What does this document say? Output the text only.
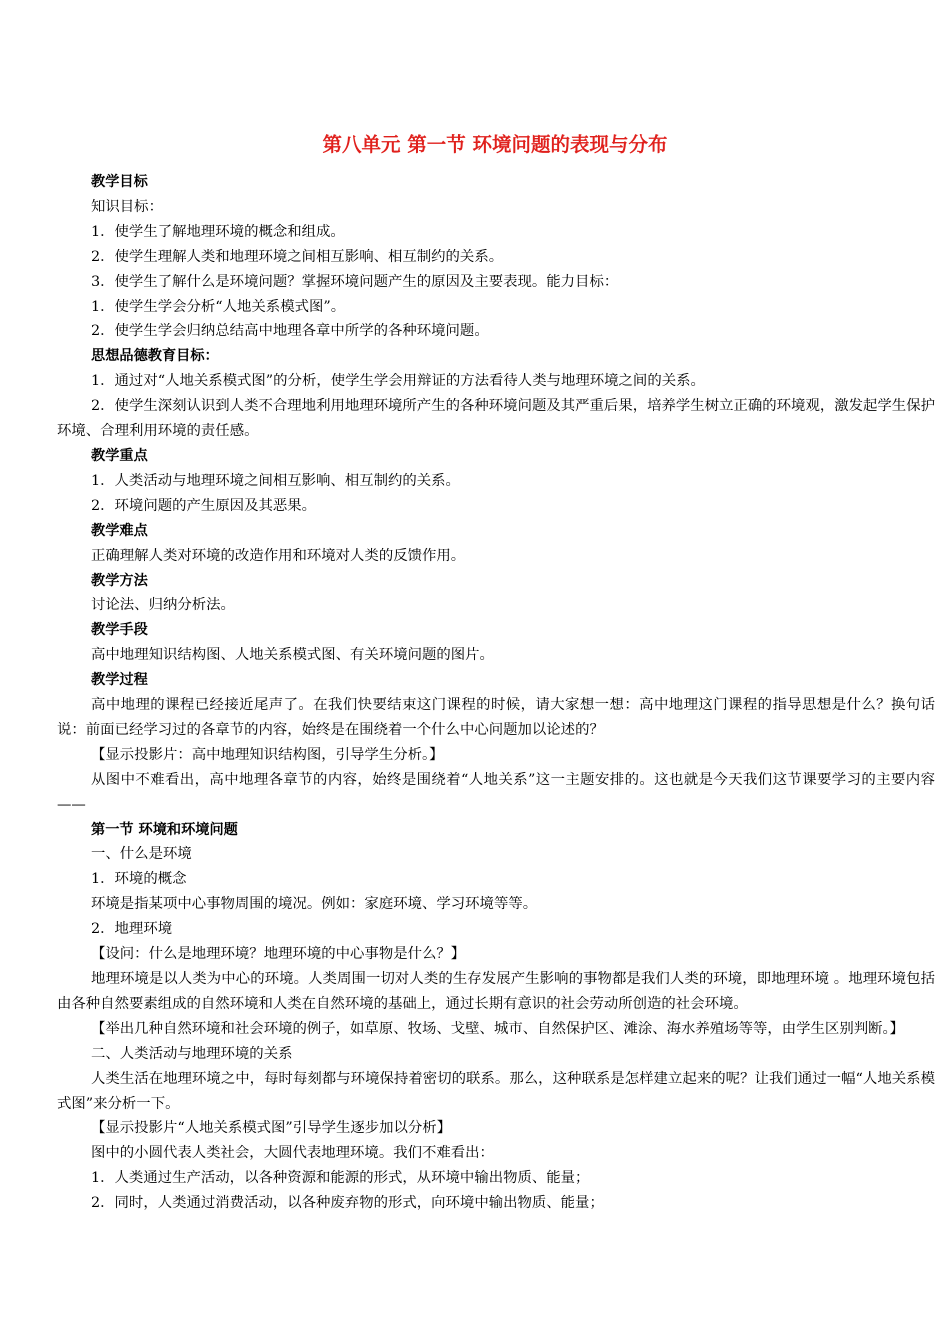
第八单元 第一节 环境问题的表现与分布

教学目标

知识目标：

1．使学生了解地理环境的概念和组成。

2．使学生理解人类和地理环境之间相互影响、相互制约的关系。

3．使学生了解什么是环境问题？掌握环境问题产生的原因及主要表现。能力目标：

1．使学生学会分析“人地关系模式图”。

2．使学生学会归纳总结高中地理各章中所学的各种环境问题。

思想品德教育目标：

1．通过对“人地关系模式图”的分析，使学生学会用辩证的方法看待人类与地理环境之间的关系。

2．使学生深刻认识到人类不合理地利用地理环境所产生的各种环境问题及其严重后果，培养学生树立正确的环境观，激发起学生保护环境、合理利用环境的责任感。

教学重点

1．人类活动与地理环境之间相互影响、相互制约的关系。

2．环境问题的产生原因及其恶果。

教学难点

正确理解人类对环境的改造作用和环境对人类的反馈作用。

教学方法

讨论法、归纳分析法。

教学手段

高中地理知识结构图、人地关系模式图、有关环境问题的图片。

教学过程

高中地理的课程已经接近尾声了。在我们快要结束这门课程的时候，请大家想一想：高中地理这门课程的指导思想是什么？换句话说：前面已经学习过的各章节的内容，始终是在围绕着一个什么中心问题加以论述的？

【显示投影片：高中地理知识结构图，引导学生分析。】

从图中不难看出，高中地理各章节的内容，始终是围绕着“人地关系”这一主题安排的。这也就是今天我们这节课要学习的主要内容——

第一节 环境和环境问题

一、什么是环境

1．环境的概念

环境是指某项中心事物周围的境况。例如：家庭环境、学习环境等等。

2．地理环境

【设问：什么是地理环境？地理环境的中心事物是什么？】

地理环境是以人类为中心的环境。人类周围一切对人类的生存发展产生影响的事物都是我们人类的环境，即地理环境 。地理环境包括由各种自然要素组成的自然环境和人类在自然环境的基础上，通过长期有意识的社会劳动所创造的社会环境。

【举出几种自然环境和社会环境的例子，如草原、牧场、戈壁、城市、自然保护区、滩涂、海水养殖场等等，由学生区别判断。】

二、人类活动与地理环境的关系

人类生活在地理环境之中，每时每刻都与环境保持着密切的联系。那么，这种联系是怎样建立起来的呢？让我们通过一幅“人地关系模式图”来分析一下。

【显示投影片“人地关系模式图”引导学生逐步加以分析】

图中的小圆代表人类社会，大圆代表地理环境。我们不难看出：

1．人类通过生产活动，以各种资源和能源的形式，从环境中输出物质、能量；

2．同时，人类通过消费活动，以各种废弃物的形式，向环境中输出物质、能量；
